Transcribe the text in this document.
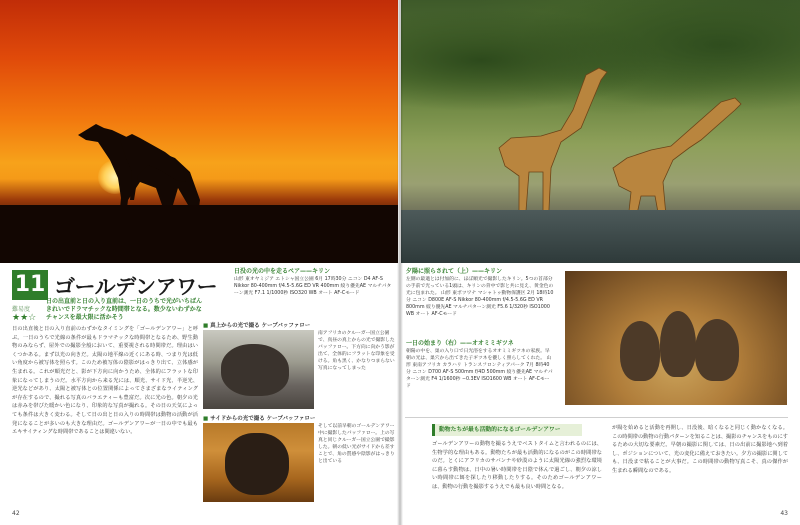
11 ゴールデンアワー
難易度
★★☆
日の出直前と日の入り直前は、一日のうちで光がいちばんきれいでドラマチックな時間帯となる。数少ないわずかなチャンスを最大限に活かそう
日の出直後と日の入り直前のわずかなタイミングを「ゴールデンアワー」と呼ぶ。一日のうちで光線の条件が最もドラマチックな時間帯となるため、野生動物のみならず、屋外での撮影全般において、重要視される時間帯だ。理由はいくつかある。まず以光の向きだ。太陽の地平線の近くにある時、つまり光は低い角度から被写体を照らす。このため被写体の陰影がはっきり出て、立体感が生まれる。これが順光だと、影が下方向に向かうため、全体的にフラットな印象になってしまうのだ。水平方向から来る光には、順光、サイド光、半逆光、逆光などがあり、太陽と被写体との位置関係によってさまざまなライティングが存在するので、撮れる写真のバラエティーも豊富だ。次に光の色。朝夕の光は赤みを帯びた暖かい色になり、印象的な写真が撮れる。その日の天気によっても条件は大きく変わる。そして日の出と日の入りの時間帯は動物の活動が活発になることが多いのも大きな理由だ。ゴールデンアワーが一日の中でも最もエキサイティングな時間帯であることは間違いない。
日没の光の中を走るペア——キリン
山形 東オヤミジア エトシャ国立公園 6月 17時30分 ニコン D4 AF-S Nikkor 80-400mm f/4.5-5.6G ED VR 400mm 絞り優先AE マルチパターン測光 F7.1 1/1000秒 ISO320 WB オート AF-Cモード
■ 真上からの光で撮る ケープバッファロー
南アフリカのクルーガー国立公園で、真昼の真上からの光で撮影したバッファロー。下方向に向かう影が出て、全体的にフラットな印象を受ける。角も黒く、かなりつまらない写真になってしまった
■ サイドからの光で撮る ケープバッファロー
そして以前早朝のゴールデンアワー中に撮影したバッファロー。上の写真と同じクルーガー国立公園で撮影した。朝の低い光がサイドから差すことで、角の質感や陰影がはっきりと出ている
42
夕陽に照らされて（上）——キリン
左側の最適とは付加的に、ほぼ順光で撮影したキリン。5つの首部分の手前で光っている1頭は、キリンの背中で影と共に見え、黄金色の光に包まれた。 山形 東ボツワナ マシャトゥ動物保護区 2月 18時10分 ニコン D800E AF-S Nikkor 80-400mm f/4.5-5.6G ED VR 800mm 絞り優先AE マルチパターン測光 F5.6 1/320秒 ISO1000 WB オート AF-Cモード
一日の始まり（右）——オオミミギツネ
朝陽の中を、巣の入り口で日光浴をするオオミミギツネの家族。早朝の光は、巣穴から出てきた子ギツネを優しく照らしてくれた。 山形 東南アフリカ カラハリ トランスフロンティアパーク 7月 8時40分 ニコン D700 AF-S 500mm f/4D 500mm 絞り優先AE マルチパターン測光 F4 1/1600秒 −0.3EV ISO1600 WB オート AF-Cモード
動物たちが最も活動的になるゴールデンアワー
ゴールデンアワーの動物を撮るうえでベストタイムと言われるのには、生物学的な理由もある。動物たちが最も活動的になるのがこの時間帯なのだ。とくにアフリカのサバンナや砂漠のように太陽光線の強烈な環境に暮らす動物は、日中の暑い時間帯を日陰で休んで過ごし、朝夕の涼しい時間帯に餌を探したり移動したりする。そのためゴールデンアワーは、動物の行動を撮影するうえでも最も良い時間となる。
が陽を始めると活動を再開し、日没後、暗くなると同じく動かなくなる。この時間帯の動物の行動パターンを知ることは、撮影のチャンスをものにするための大切な要素だ。早朝の撮影に関しては、日の出前に撮影地へ到着し、ポジションについて、光の変化に備えておきたい。夕方の撮影に関しても、日没まで粘ることが大事だ。この時間帯の動物写真こそ、真の傑作が生まれる瞬間なのである。
43
